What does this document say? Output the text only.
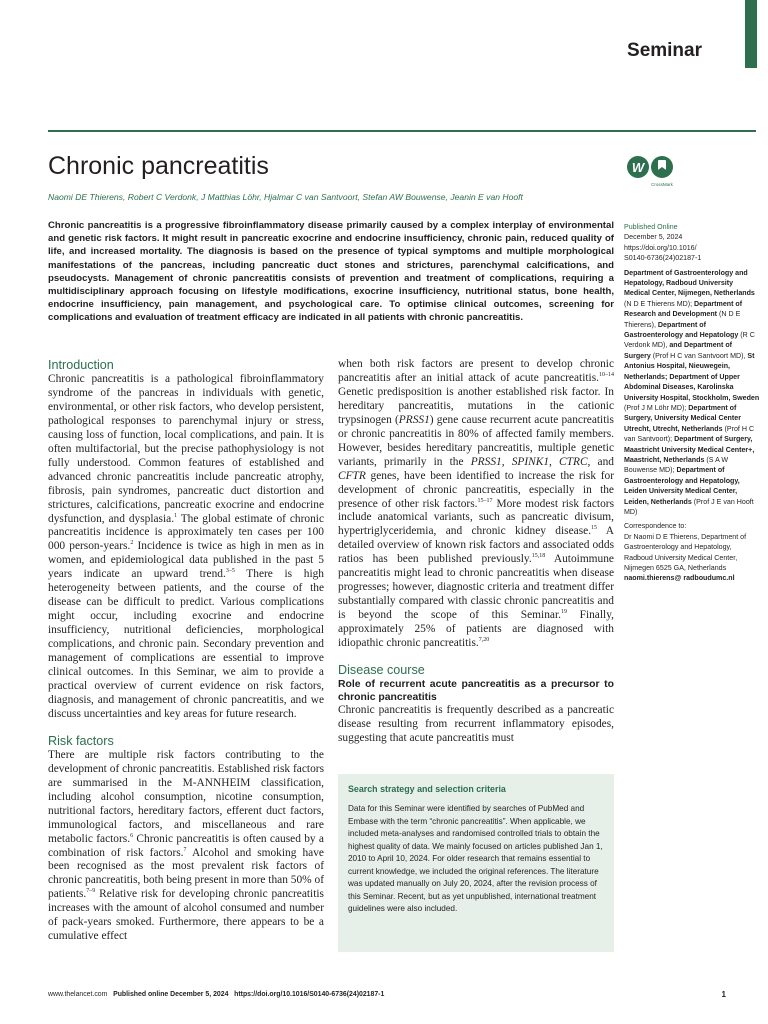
Seminar
Chronic pancreatitis	W
CrossMark
Naomi DE Thierens, Robert C Verdonk, J Matthias Löhr, Hjalmar C van Santvoort, Stefan AW Bouwense, Jeanin E van Hooft

Chronic pancreatitis is a progressive fibroinflammatory disease primarily caused by a complex interplay of environmental and genetic risk factors. It might result in pancreatic exocrine and endocrine insufficiency, chronic pain, reduced quality of life, and increased mortality. The diagnosis is based on the presence of typical symptoms and multiple morphological manifestations of the pancreas, including pancreatic duct stones and strictures, parenchymal calcifications, and pseudocysts. Management of chronic pancreatitis consists of prevention and treatment of complications, requiring a multidisciplinary approach focusing on lifestyle modifications, exocrine insufficiency, nutritional status, bone health, endocrine insufficiency, pain management, and psychological care. To optimise clinical outcomes, screening for complications and evaluation of treatment efficacy are indicated in all patients with chronic pancreatitis.

Introduction

Chronic pancreatitis is a pathological fibroinflammatory syndrome of the pancreas in individuals with genetic, environmental, or other risk factors, who develop persistent, pathological responses to parenchymal injury or stress, causing loss of function, local complications, and pain. It is often multifactorial, but the precise pathophysiology is not fully understood. Common features of established and advanced chronic pancreatitis include pancreatic atrophy, fibrosis, pain syndromes, pancreatic duct distortion and strictures, calcifications, pancreatic exocrine and endocrine dysfunction, and dysplasia.$^1$ The global estimate of chronic pancreatitis incidence is approximately ten cases per 100 000 person-years.$^2$ Incidence is twice as high in men as in women, and epidemiological data published in the past 5 years indicate an upward trend.$^{3-5}$ There is high heterogeneity between patients, and the course of the disease can be difficult to predict. Various complications might occur, including exocrine and endocrine insufficiency, nutritional deficiencies, morphological complications, and chronic pain. Secondary prevention and management of complications are essential to improve clinical outcomes. In this Seminar, we aim to provide a practical overview of current evidence on risk factors, diagnosis, and management of chronic pancreatitis, and we discuss uncertainties and key areas for future research.

Risk factors

There are multiple risk factors contributing to the development of chronic pancreatitis. Established risk factors are summarised in the M-ANNHEIM classification, including alcohol consumption, nicotine consumption, nutritional factors, hereditary factors, efferent duct factors, immunological factors, and miscellaneous and rare metabolic factors.$^6$ Chronic pancreatitis is often caused by a combination of risk factors.$^7$ Alcohol and smoking have been recognised as the most prevalent risk factors of chronic pancreatitis, both being present in more than 50% of patients.$^{7-9}$ Relative risk for developing chronic pancreatitis increases with the amount of alcohol consumed and number of pack-years smoked. Furthermore, there appears to be a cumulative effect

when both risk factors are present to develop chronic pancreatitis after an initial attack of acute pancreatitis.$^{10-14}$ Genetic predisposition is another established risk factor. In hereditary pancreatitis, mutations in the cationic trypsinogen (PRSS1) gene cause recurrent acute pancreatitis or chronic pancreatitis in 80% of affected family members. However, besides hereditary pancreatitis, multiple genetic variants, primarily in the PRSS1, SPINK1, CTRC, and CFTR genes, have been identified to increase the risk for development of chronic pancreatitis, especially in the presence of other risk factors.$^{15-17}$ More modest risk factors include anatomical variants, such as pancreatic divisum, hypertriglyceridemia, and chronic kidney disease.$^{15}$ A detailed overview of known risk factors and associated odds ratios has been published previously.$^{15,18}$ Autoimmune pancreatitis might lead to chronic pancreatitis when disease progresses; however, diagnostic criteria and treatment differ substantially compared with classic chronic pancreatitis and is beyond the scope of this Seminar.$^{19}$ Finally, approximately 25% of patients are diagnosed with idiopathic chronic pancreatitis.$^{7,20}$

Disease course
Role of recurrent acute pancreatitis as a precursor to chronic pancreatitis

Chronic pancreatitis is frequently described as a pancreatic disease resulting from recurrent inflammatory episodes, suggesting that acute pancreatitis must

Search strategy and selection criteria

Data for this Seminar were identified by searches of PubMed and Embase with the term “chronic pancreatitis”. When applicable, we included meta-analyses and randomised controlled trials to obtain the highest quality of data. We mainly focused on articles published Jan 1, 2010 to April 10, 2024. For older research that remains essential to current knowledge, we included the original references. The literature was updated manually on July 20, 2024, after the revision process of this Seminar. Recent, but as yet unpublished, international treatment guidelines were also included.

Published Online
December 5, 2024
https://doi.org/10.1016/
S0140-6736(24)02187-1

Department of Gastroenterology and Hepatology, Radboud University Medical Center, Nijmegen, Netherlands (N D E Thierens MD); Department of Research and Development (N D E Thierens), Department of Gastroenterology and Hepatology (R C Verdonk MD), and Department of Surgery (Prof H C van Santvoort MD), St Antonius Hospital, Nieuwegein, Netherlands; Department of Upper Abdominal Diseases, Karolinska University Hospital, Stockholm, Sweden (Prof J M Löhr MD); Department of Surgery, University Medical Center Utrecht, Utrecht, Netherlands (Prof H C van Santvoort); Department of Surgery, Maastricht University Medical Center+, Maastricht, Netherlands (S A W Bouwense MD); Department of Gastroenterology and Hepatology, Leiden University Medical Center, Leiden, Netherlands (Prof J E van Hooft MD)

Correspondence to:
Dr Naomi D E Thierens, Department of Gastroenterology and Hepatology, Radboud University Medical Center, Nijmegen 6525 GA, Netherlands
naomi.thierens@ radboudumc.nl

www.thelancet.com Published online December 5, 2024 https://doi.org/10.1016/S0140-6736(24)02187-1	1
